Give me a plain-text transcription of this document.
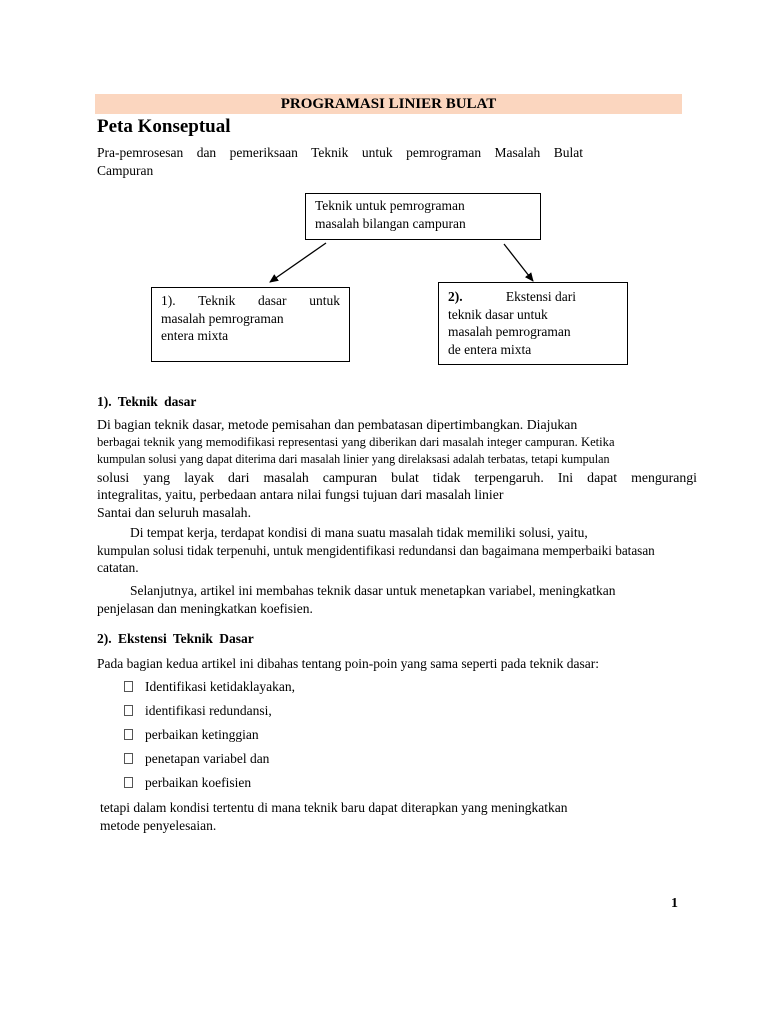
PROGRAMASI LINIER BULAT
Peta Konseptual
Pra-pemrosesan dan pemeriksaan Teknik untuk pemrograman Masalah Bulat
Campuran
Teknik untuk pemrograman
masalah bilangan campuran
1). Teknik dasar untuk
masalah pemrograman
entera mixta
2).	Ekstensi dari
teknik dasar untuk
masalah pemrograman
de entera mixta
1). Teknik dasar
Di bagian teknik dasar, metode pemisahan dan pembatasan dipertimbangkan. Diajukan
berbagai teknik yang memodifikasi representasi yang diberikan dari masalah integer campuran. Ketika
kumpulan solusi yang dapat diterima dari masalah linier yang direlaksasi adalah terbatas, tetapi kumpulan
solusi yang layak dari masalah campuran bulat tidak terpengaruh. Ini dapat mengurangi
integralitas, yaitu, perbedaan antara nilai fungsi tujuan dari masalah linier
Santai dan seluruh masalah.
Di tempat kerja, terdapat kondisi di mana suatu masalah tidak memiliki solusi, yaitu,
kumpulan solusi tidak terpenuhi, untuk mengidentifikasi redundansi dan bagaimana memperbaiki batasan
catatan.
Selanjutnya, artikel ini membahas teknik dasar untuk menetapkan variabel, meningkatkan
penjelasan dan meningkatkan koefisien.
2). Ekstensi Teknik Dasar
Pada bagian kedua artikel ini dibahas tentang poin-poin yang sama seperti pada teknik dasar:
Identifikasi ketidaklayakan,
identifikasi redundansi,
perbaikan ketinggian
penetapan variabel dan
perbaikan koefisien
tetapi dalam kondisi tertentu di mana teknik baru dapat diterapkan yang meningkatkan
metode penyelesaian.
1
